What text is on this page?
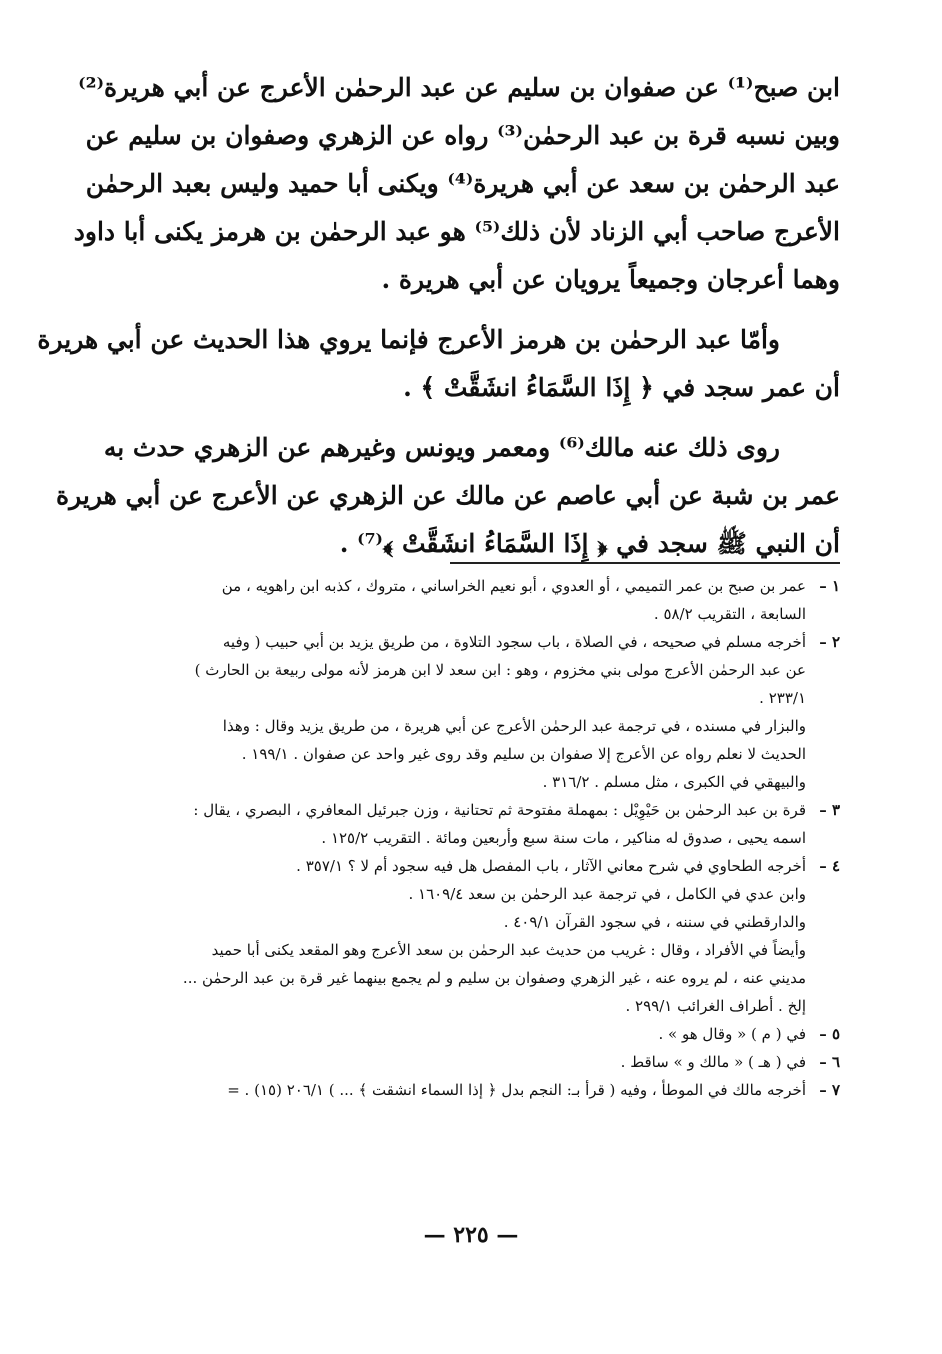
ابن صبح⁽¹⁾ عن صفوان بن سليم عن عبد الرحمٰن الأعرج عن أبي هريرة⁽²⁾
وبين نسبه قرة بن عبد الرحمٰن⁽³⁾ رواه عن الزهري وصفوان بن سليم عن
عبد الرحمٰن بن سعد عن أبي هريرة⁽⁴⁾ ويكنى أبا حميد وليس بعبد الرحمٰن
الأعرج صاحب أبي الزناد لأن ذلك⁽⁵⁾ هو عبد الرحمٰن بن هرمز يكنى أبا داود
وهما أعرجان وجميعاً يرويان عن أبي هريرة .
وأمّا عبد الرحمٰن بن هرمز الأعرج فإنما يروي هذا الحديث عن أبي هريرة
أن عمر سجد في ﴿ إِذَا السَّمَاءُ انشَقَّتْ ﴾ .
روى ذلك عنه مالك⁽⁶⁾ ومعمر ويونس وغيرهم عن الزهري حدث به
عمر بن شبة عن أبي عاصم عن مالك عن الزهري عن الأعرج عن أبي هريرة
أن النبي ﷺ سجد في ﴿ إِذَا السَّمَاءُ انشَقَّتْ ﴾⁽⁷⁾ .
١ –عمر بن صبح بن عمر التميمي ، أو العدوي ، أبو نعيم الخراساني ، متروك ، كذبه ابن راهويه ، من
السابعة ، التقريب ٥٨/٢ .
٢ –أخرجه مسلم في صحيحه ، في الصلاة ، باب سجود التلاوة ، من طريق يزيد بن أبي حبيب ( وفيه
عن عبد الرحمٰن الأعرج مولى بني مخزوم ، وهو : ابن سعد لا ابن هرمز لأنه مولى ربيعة بن الحارث )
٢٣٣/١ .
والبزار في مسنده ، في ترجمة عبد الرحمٰن الأعرج عن أبي هريرة ، من طريق يزيد وقال : وهذا
الحديث لا نعلم رواه عن الأعرج إلا صفوان بن سليم وقد روى غير واحد عن صفوان . ١٩٩/١ .
والبيهقي في الكبرى ، مثل مسلم . ٣١٦/٢ .
٣ –قرة بن عبد الرحمٰن بن حَيْوِيْل : بمهملة مفتوحة ثم تحتانية ، وزن جبرئيل المعافري ، البصري ، يقال :
اسمه يحيى ، صدوق له مناكير ، مات سنة سبع وأربعين ومائة . التقريب ١٢٥/٢ .
٤ –أخرجه الطحاوي في شرح معاني الآثار ، باب المفصل هل فيه سجود أم لا ؟ ٣٥٧/١ .
وابن عدي في الكامل ، في ترجمة عبد الرحمٰن بن سعد ١٦٠٩/٤ .
والدارقطني في سننه ، في سجود القرآن ٤٠٩/١ .
وأيضاً في الأفراد ، وقال : غريب من حديث عبد الرحمٰن بن سعد الأعرج وهو المقعد يكنى أبا حميد
مديني عنه ، لم يروه عنه ، غير الزهري وصفوان بن سليم و لم يجمع بينهما غير قرة بن عبد الرحمٰن ...
إلخ . أطراف الغرائب ٢٩٩/١ .
٥ –في ( م ) « وقال هو » .
٦ –في ( هـ ) « مالك و » ساقط .
٧ –أخرجه مالك في الموطأ ، وفيه ( قرأ بـ: النجم بدل ﴿ إذا السماء انشقت ﴾ ... ) ٢٠٦/١ (١٥) . =
— ٢٢٥ —
